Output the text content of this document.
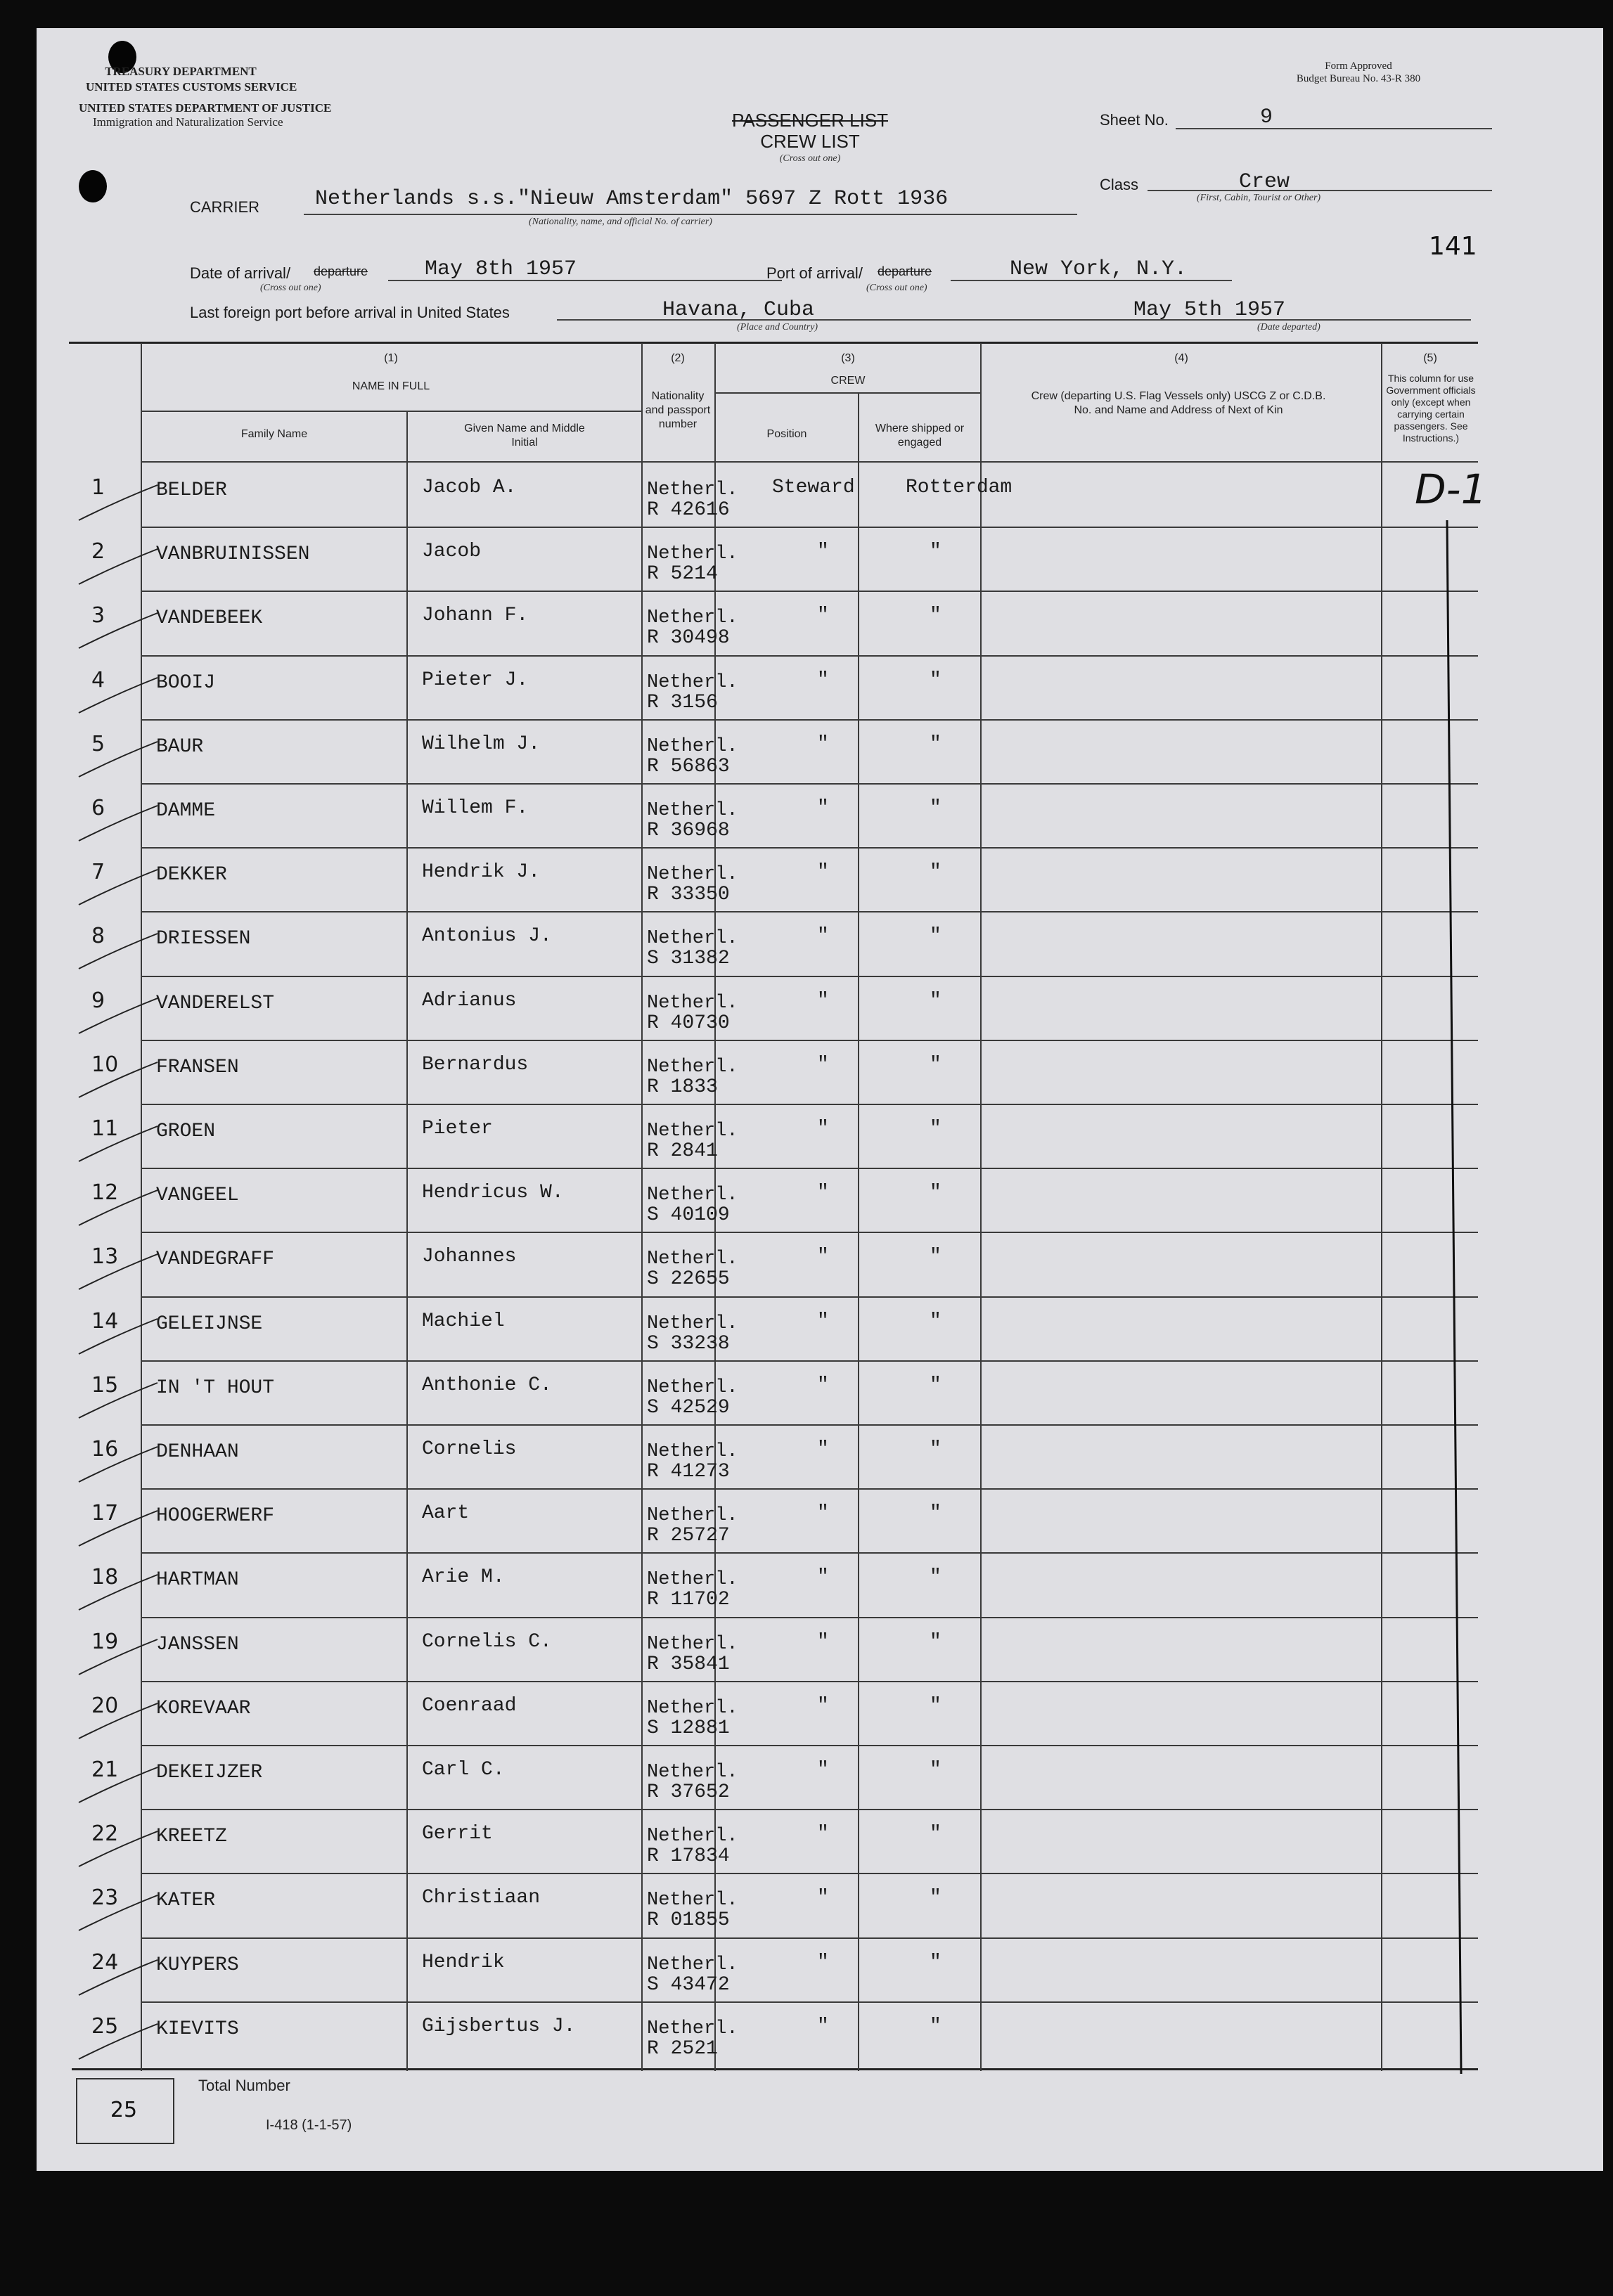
TREASURY DEPARTMENT
UNITED STATES CUSTOMS SERVICE
UNITED STATES DEPARTMENT OF JUSTICE
Immigration and Naturalization Service
Form Approved
Budget Bureau No. 43-R 380
PASSENGER LIST
CREW LIST
(Cross out one)
Sheet No.	9
Class	Crew
(First, Cabin, Tourist or Other)
CARRIER	Netherlands s.s."Nieuw Amsterdam" 5697 Z Rott 1936
(Nationality, name, and official No. of carrier)
141
Date of arrival/ departure	May 8th 1957
(Cross out one)
Port of arrival/ departure	New York, N.Y.
(Cross out one)
Last foreign port before arrival in United States	Havana, Cuba
(Place and Country)
May 5th 1957
(Date departed)
(1)
NAME IN FULL
Family Name	Given Name and Middle Initial
(2)
Nationality and passport number
(3)
CREW
Position	Where shipped or engaged
(4)
Crew (departing U.S. Flag Vessels only) USCG Z or C.D.B. No. and Name and Address of Next of Kin
(5)
This column for use Government officials only (except when carrying certain passengers. See Instructions.)
1	BELDER	Jacob A.	Netherl.
R 42616
Steward	Rotterdam
2	VANBRUINISSEN	Jacob	Netherl.
R 5214
"	"
3	VANDEBEEK	Johann F.	Netherl.
R 30498
"	"
4	BOOIJ	Pieter J.	Netherl.
R 3156
"	"
5	BAUR	Wilhelm J.	Netherl.
R 56863
"	"
6	DAMME	Willem F.	Netherl.
R 36968
"	"
7	DEKKER	Hendrik J.	Netherl.
R 33350
"	"
8	DRIESSEN	Antonius J.	Netherl.
S 31382
"	"
9	VANDERELST	Adrianus	Netherl.
R 40730
"	"
10 FRANSEN	Bernardus	Netherl.
R 1833
"	"
11 GROEN	Pieter	Netherl.
R 2841
"	"
12 VANGEEL	Hendricus W.	Netherl.
S 40109
"	"
13 VANDEGRAFF	Johannes	Netherl.
S 22655
"	"
14 GELEIJNSE	Machiel	Netherl.
S 33238
"	"
15 IN 'T HOUT	Anthonie C.	Netherl.
S 42529
"	"
16 DENHAAN	Cornelis	Netherl.
R 41273
"	"
17 HOOGERWERF	Aart	Netherl.
R 25727
"	"
18 HARTMAN	Arie M.	Netherl.
R 11702
"	"
19 JANSSEN	Cornelis C.	Netherl.
R 35841
"	"
20 KOREVAAR	Coenraad	Netherl.
S 12881
"	"
21 DEKEIJZER	Carl C.	Netherl.
R 37652
"	"
22 KREETZ	Gerrit	Netherl.
R 17834
"	"
23 KATER	Christiaan	Netherl.
R 01855
"	"
24 KUYPERS	Hendrik	Netherl.
S 43472
"	"
25 KIEVITS	Gijsbertus J.	Netherl.
R 2521
"	"
D-1
25
Total Number
I-418 (1-1-57)
